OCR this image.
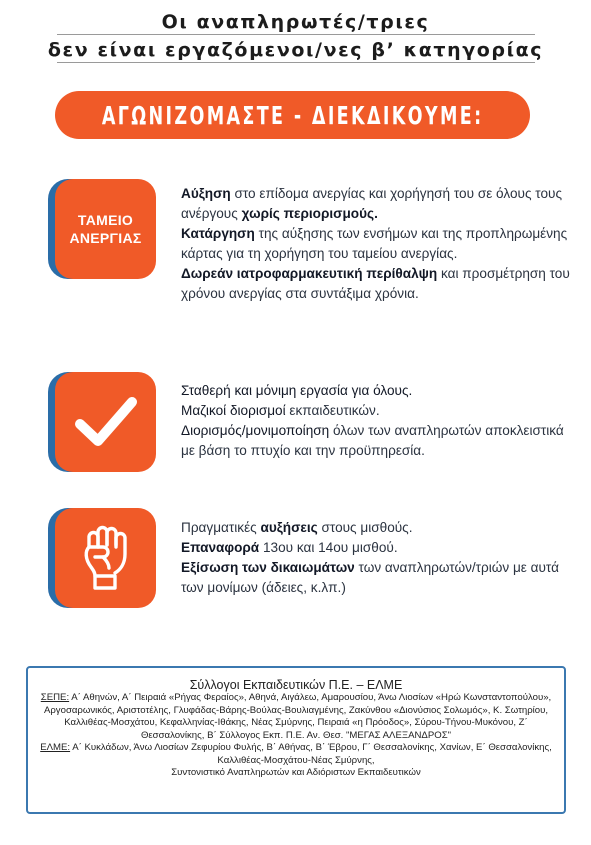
Οι αναπληρωτές/τριες
δεν είναι εργαζόμενοι/νες β’ κατηγορίας
ΑΓΩΝΙΖΟΜΑΣΤΕ - ΔΙΕΚΔΙΚΟΥΜΕ:
ΤΑΜΕΙΟ
ΑΝΕΡΓΙΑΣ

Αύξηση στο επίδομα ανεργίας και χορήγησή του σε όλους τους ανέργους χωρίς περιορισμούς.

Κατάργηση της αύξησης των ενσήμων και της προπληρωμένης κάρτας για τη χορήγηση του ταμείου ανεργίας.

Δωρεάν ιατροφαρμακευτική περίθαλψη και προσμέτρηση του χρόνου ανεργίας στα συντάξιμα χρόνια.

Σταθερή και μόνιμη εργασία για όλους.

Μαζικοί διορισμοί εκπαιδευτικών.

Διορισμός/μονιμοποίηση όλων των αναπληρωτών αποκλειστικά με βάση το πτυχίο και την προϋπηρεσία.

Πραγματικές αυξήσεις στους μισθούς.

Επαναφορά 13ου και 14ου μισθού.

Εξίσωση των δικαιωμάτων των αναπληρωτών/τριών με αυτά των μονίμων (άδειες, κ.λπ.)

Σύλλογοι Εκπαιδευτικών Π.Ε. – ΕΛΜΕ
ΣΕΠΕ: Α΄ Αθηνών, Α΄ Πειραιά «Ρήγας Φεραίος», Αθηνά, Αιγάλεω, Αμαρουσίου, Άνω Λιοσίων «Ηρώ Κωνσταντοπούλου», Αργοσαρωνικός, Αριστοτέλης, Γλυφάδας-Βάρης-Βούλας-Βουλιαγμένης, Ζακύνθου «Διονύσιος Σολωμός», Κ. Σωτηρίου, Καλλιθέας-Μοσχάτου, Κεφαλληνίας-Ιθάκης, Νέας Σμύρνης, Πειραιά «η Πρόοδος», Σύρου-Τήνου-Μυκόνου, Ζ΄ Θεσσαλονίκης, Β΄ Σύλλογος Εκπ. Π.Ε. Αν. Θεσ. "ΜΕΓΑΣ ΑΛΕΞΑΝΔΡΟΣ"
ΕΛΜΕ: Α΄ Κυκλάδων, Άνω Λιοσίων Ζεφυρίου Φυλής, Β΄ Αθήνας, Β΄ Έβρου, Γ΄ Θεσσαλονίκης, Χανίων, Ε΄ Θεσσαλονίκης, Καλλιθέας-Μοσχάτου-Νέας Σμύρνης,
Συντονιστικό Αναπληρωτών και Αδιόριστων Εκπαιδευτικών
